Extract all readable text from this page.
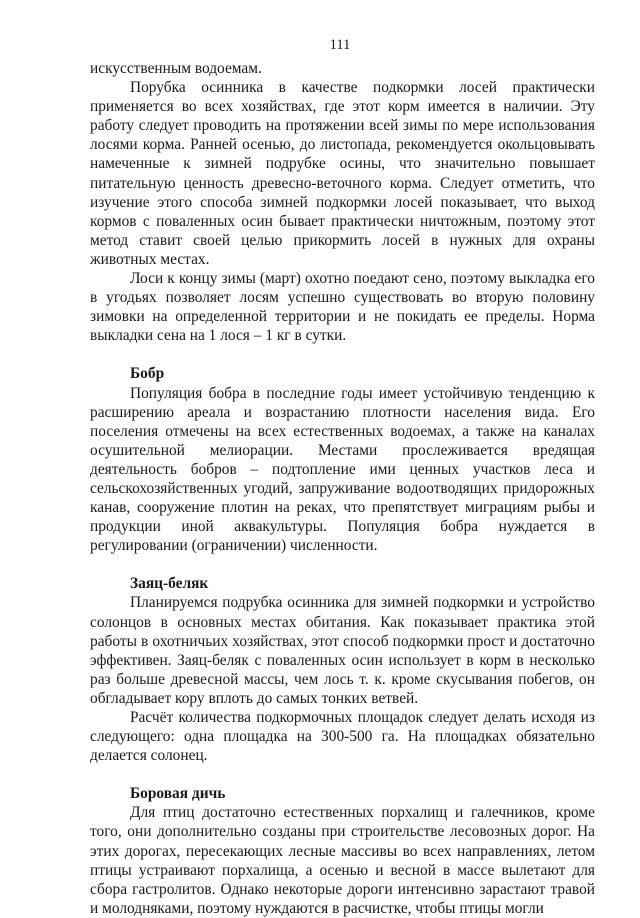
111

искусственным водоемам.

Порубка осинника в качестве подкормки лосей практически применяется во всех хозяйствах, где этот корм имеется в наличии. Эту работу следует проводить на протяжении всей зимы по мере использования лосями корма. Ранней осенью, до листопада, рекомендуется окольцовывать намеченные к зимней подрубке осины, что значительно повышает питательную ценность древесно-веточного корма. Следует отметить, что изучение этого способа зимней подкормки лосей показывает, что выход кормов с поваленных осин бывает практически ничтожным, поэтому этот метод ставит своей целью прикормить лосей в нужных для охраны животных местах.

Лоси к концу зимы (март) охотно поедают сено, поэтому выкладка его в угодьях позволяет лосям успешно существовать во вторую половину зимовки на определенной территории и не покидать ее пределы. Норма выкладки сена на 1 лося – 1 кг в сутки.

Бобр

Популяция бобра в последние годы имеет устойчивую тенденцию к расширению ареала и возрастанию плотности населения вида. Его поселения отмечены на всех естественных водоемах, а также на каналах осушительной мелиорации. Местами прослеживается вредящая деятельность бобров – подтопление ими ценных участков леса и сельскохозяйственных угодий, запруживание водоотводящих придорожных канав, сооружение плотин на реках, что препятствует миграциям рыбы и продукции иной аквакультуры. Популяция бобра нуждается в регулировании (ограничении) численности.

Заяц-беляк

Планируемся подрубка осинника для зимней подкормки и устройство солонцов в основных местах обитания. Как показывает практика этой работы в охотничьих хозяйствах, этот способ подкормки прост и достаточно эффективен. Заяц-беляк с поваленных осин использует в корм в несколько раз больше древесной массы, чем лось т. к. кроме скусывания побегов, он обгладывает кору вплоть до самых тонких ветвей.

Расчёт количества подкормочных площадок следует делать исходя из следующего: одна площадка на 300-500 га. На площадках обязательно делается солонец.

Боровая дичь

Для птиц достаточно естественных порхалищ и галечников, кроме того, они дополнительно созданы при строительстве лесовозных дорог. На этих дорогах, пересекающих лесные массивы во всех направлениях, летом птицы устраивают порхалища, а осенью и весной в массе вылетают для сбора гастролитов. Однако некоторые дороги интенсивно зарастают травой и молодняками, поэтому нуждаются в расчистке, чтобы птицы могли
